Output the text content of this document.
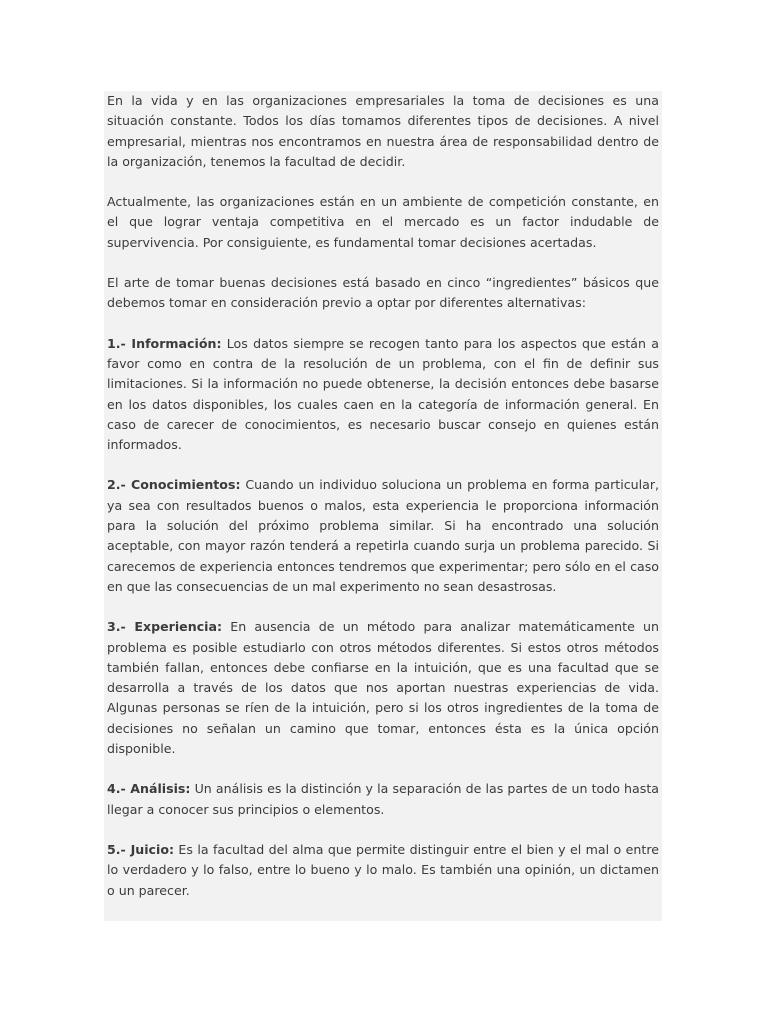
En la vida y en las organizaciones empresariales la toma de decisiones es una situación constante. Todos los días tomamos diferentes tipos de decisiones. A nivel empresarial, mientras nos encontramos en nuestra área de responsabilidad dentro de la organización, tenemos la facultad de decidir.

Actualmente, las organizaciones están en un ambiente de competición constante, en el que lograr ventaja competitiva en el mercado es un factor indudable de supervivencia. Por consiguiente, es fundamental tomar decisiones acertadas.

El arte de tomar buenas decisiones está basado en cinco “ingredientes” básicos que debemos tomar en consideración previo a optar por diferentes alternativas:

1.- Información: Los datos siempre se recogen tanto para los aspectos que están a favor como en contra de la resolución de un problema, con el fin de definir sus limitaciones. Si la información no puede obtenerse, la decisión entonces debe basarse en los datos disponibles, los cuales caen en la categoría de información general. En caso de carecer de conocimientos, es necesario buscar consejo en quienes están informados.

2.- Conocimientos: Cuando un individuo soluciona un problema en forma particular, ya sea con resultados buenos o malos, esta experiencia le proporciona información para la solución del próximo problema similar. Si ha encontrado una solución aceptable, con mayor razón tenderá a repetirla cuando surja un problema parecido. Si carecemos de experiencia entonces tendremos que experimentar; pero sólo en el caso en que las consecuencias de un mal experimento no sean desastrosas.

3.- Experiencia: En ausencia de un método para analizar matemáticamente un problema es posible estudiarlo con otros métodos diferentes. Si estos otros métodos también fallan, entonces debe confiarse en la intuición, que es una facultad que se desarrolla a través de los datos que nos aportan nuestras experiencias de vida. Algunas personas se ríen de la intuición, pero si los otros ingredientes de la toma de decisiones no señalan un camino que tomar, entonces ésta es la única opción disponible.

4.- Análisis: Un análisis es la distinción y la separación de las partes de un todo hasta llegar a conocer sus principios o elementos.

5.- Juicio: Es la facultad del alma que permite distinguir entre el bien y el mal o entre lo verdadero y lo falso, entre lo bueno y lo malo. Es también una opinión, un dictamen o un parecer.
